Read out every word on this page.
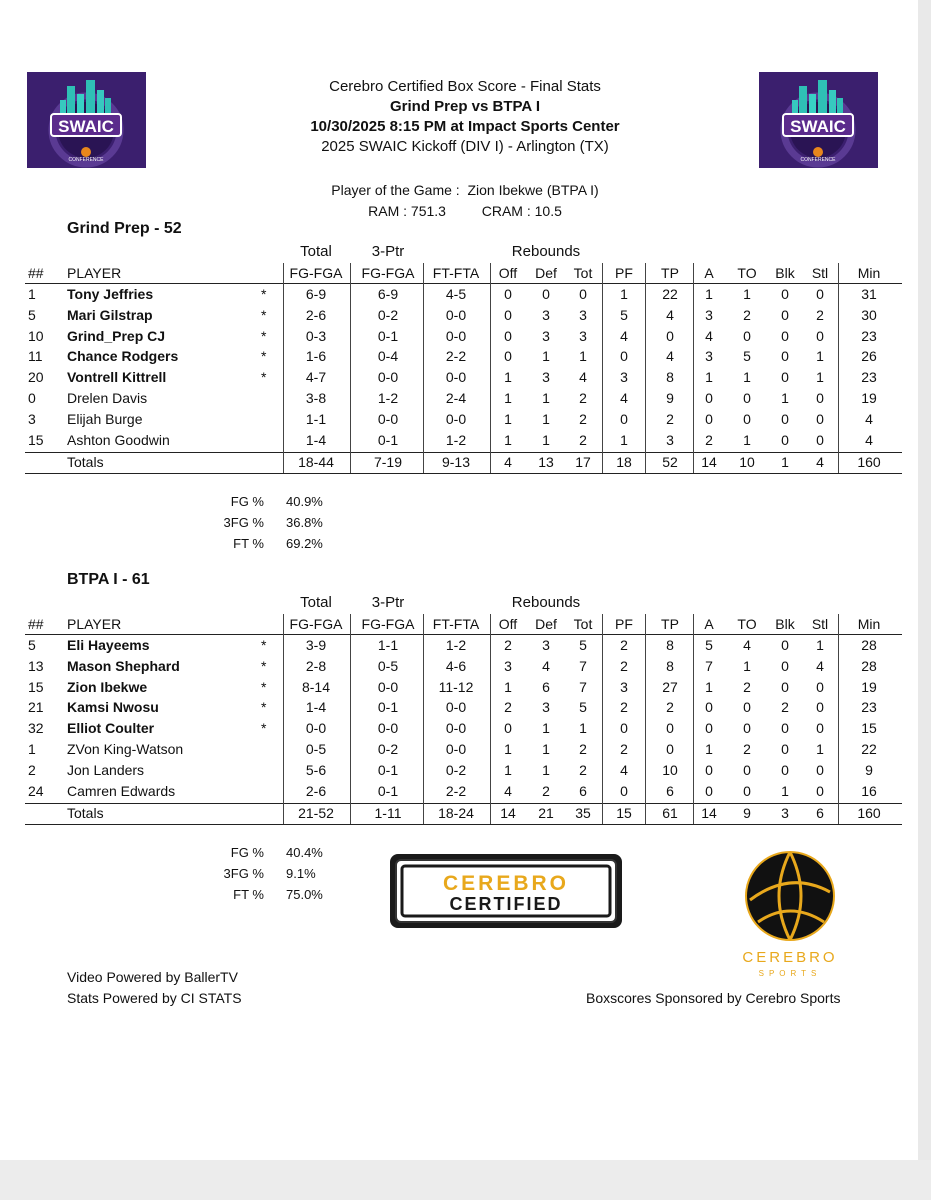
SWAIC
CONFERENCE
SWAIC
CONFERENCE
Cerebro Certified Box Score - Final Stats
Grind Prep vs BTPA I
10/30/2025 8:15 PM at Impact Sports Center
2025 SWAIC Kickoff (DIV I) - Arlington (TX)
Player of the Game : Zion Ibekwe (BTPA I)
RAM : 751.3	CRAM : 10.5
Grind Prep - 52
Total	3-Ptr	Rebounds
## PLAYER	FG-FGA	FG-FGA	FT-FTA	Off	Def	Tot	PF	TP	A	TO	Blk	Stl	Min
1 Tony Jeffries	*	6-9	6-9	4-5	0	0	0	1	22	1	1	0	0	31
5 Mari Gilstrap	*	2-6	0-2	0-0	0	3	3	5	4	3	2	0	2	30
10 Grind_Prep CJ	*	0-3	0-1	0-0	0	3	3	4	0	4	0	0	0	23
11 Chance Rodgers	*	1-6	0-4	2-2	0	1	1	0	4	3	5	0	1	26
20 Vontrell Kittrell	*	4-7	0-0	0-0	1	3	4	3	8	1	1	0	1	23
0 Drelen Davis	3-8	1-2	2-4	1	1	2	4	9	0	0	1	0	19
3 Elijah Burge	1-1	0-0	0-0	1	1	2	0	2	0	0	0	0	4
15 Ashton Goodwin	1-4	0-1	1-2	1	1	2	1	3	2	1	0	0	4
Totals	18-44	7-19	9-13	4	13	17	18	52	14	10	1	4	160
FG % 40.9%
3FG % 36.8%
FT % 69.2%
BTPA I - 61
Total	3-Ptr	Rebounds
## PLAYER	FG-FGA	FG-FGA	FT-FTA	Off	Def	Tot	PF	TP	A	TO	Blk	Stl	Min
5 Eli Hayeems	*	3-9	1-1	1-2	2	3	5	2	8	5	4	0	1	28
13 Mason Shephard	*	2-8	0-5	4-6	3	4	7	2	8	7	1	0	4	28
15 Zion Ibekwe	*	8-14	0-0	11-12	1	6	7	3	27	1	2	0	0	19
21 Kamsi Nwosu	*	1-4	0-1	0-0	2	3	5	2	2	0	0	2	0	23
32 Elliot Coulter	*	0-0	0-0	0-0	0	1	1	0	0	0	0	0	0	15
1 ZVon King-Watson	0-5	0-2	0-0	1	1	2	2	0	1	2	0	1	22
2 Jon Landers	5-6	0-1	0-2	1	1	2	4	10	0	0	0	0	9
24 Camren Edwards	2-6	0-1	2-2	4	2	6	0	6	0	0	1	0	16
Totals	21-52	1-11	18-24	14	21	35	15	61	14	9	3	6	160
FG % 40.4%
3FG % 9.1%
FT % 75.0%	CEREBRO
CERTIFIED
CEREBRO
SPORTS
Video Powered by BallerTV
Stats Powered by CI STATS	Boxscores Sponsored by Cerebro Sports
